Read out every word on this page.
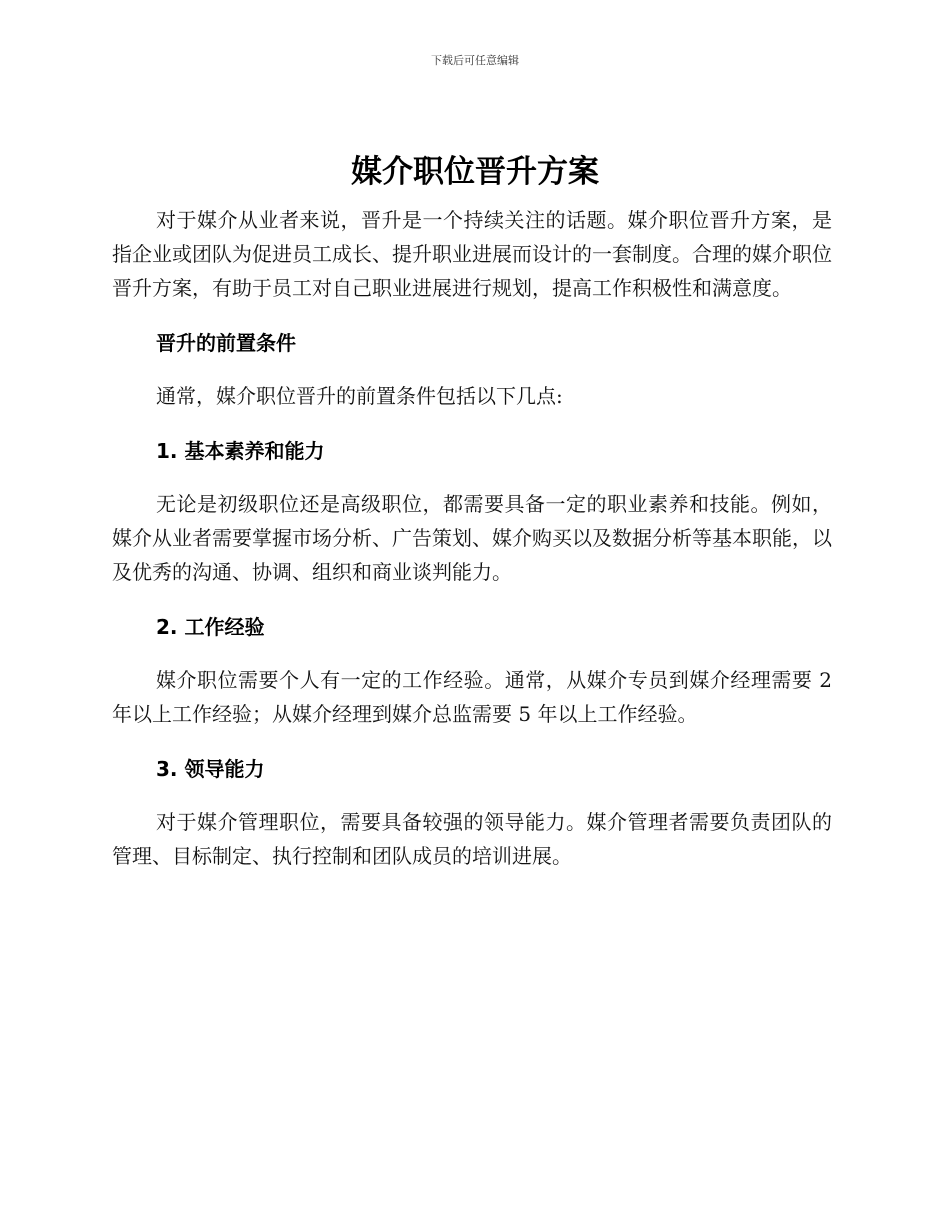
下载后可任意编辑
媒介职位晋升方案

对于媒介从业者来说，晋升是一个持续关注的话题。媒介职位晋升方案，是指企业或团队为促进员工成长、提升职业进展而设计的一套制度。合理的媒介职位晋升方案，有助于员工对自己职业进展进行规划，提高工作积极性和满意度。

晋升的前置条件

通常，媒介职位晋升的前置条件包括以下几点:

1. 基本素养和能力

无论是初级职位还是高级职位，都需要具备一定的职业素养和技能。例如，媒介从业者需要掌握市场分析、广告策划、媒介购买以及数据分析等基本职能，以及优秀的沟通、协调、组织和商业谈判能力。

2. 工作经验

媒介职位需要个人有一定的工作经验。通常，从媒介专员到媒介经理需要 2 年以上工作经验；从媒介经理到媒介总监需要 5 年以上工作经验。

3. 领导能力

对于媒介管理职位，需要具备较强的领导能力。媒介管理者需要负责团队的管理、目标制定、执行控制和团队成员的培训进展。
